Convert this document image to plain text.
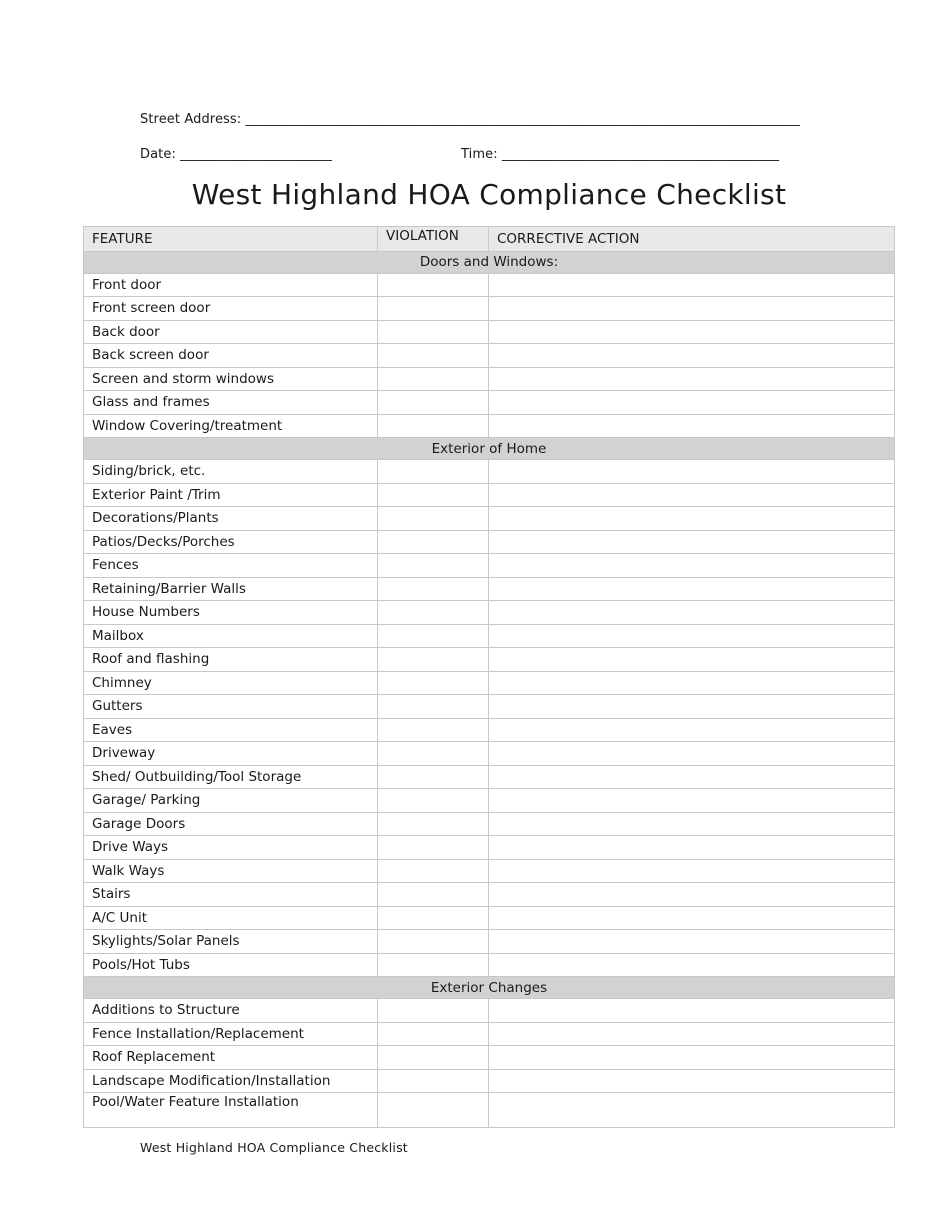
Street Address: ____________________________________________________________________________________
Date: _______________________	Time: __________________________________________
West Highland HOA Compliance Checklist
FEATURE	VIOLATION	CORRECTIVE ACTION
Doors and Windows:		
Front door		
Front screen door		
Back door		
Back screen door		
Screen and storm windows		
Glass and frames		
Window Covering/treatment		
Exterior of Home		
Siding/brick, etc.		
Exterior Paint /Trim		
Decorations/Plants		
Patios/Decks/Porches		
Fences		
Retaining/Barrier Walls		
House Numbers		
Mailbox		
Roof and flashing		
Chimney		
Gutters		
Eaves		
Driveway		
Shed/ Outbuilding/Tool Storage		
Garage/ Parking		
Garage Doors		
Drive Ways		
Walk Ways		
Stairs		
A/C Unit		
Skylights/Solar Panels		
Pools/Hot Tubs		
Exterior Changes		
Additions to Structure		
Fence Installation/Replacement		
Roof Replacement		
Landscape Modification/Installation		
Pool/Water Feature Installation		
West Highland HOA Compliance Checklist
